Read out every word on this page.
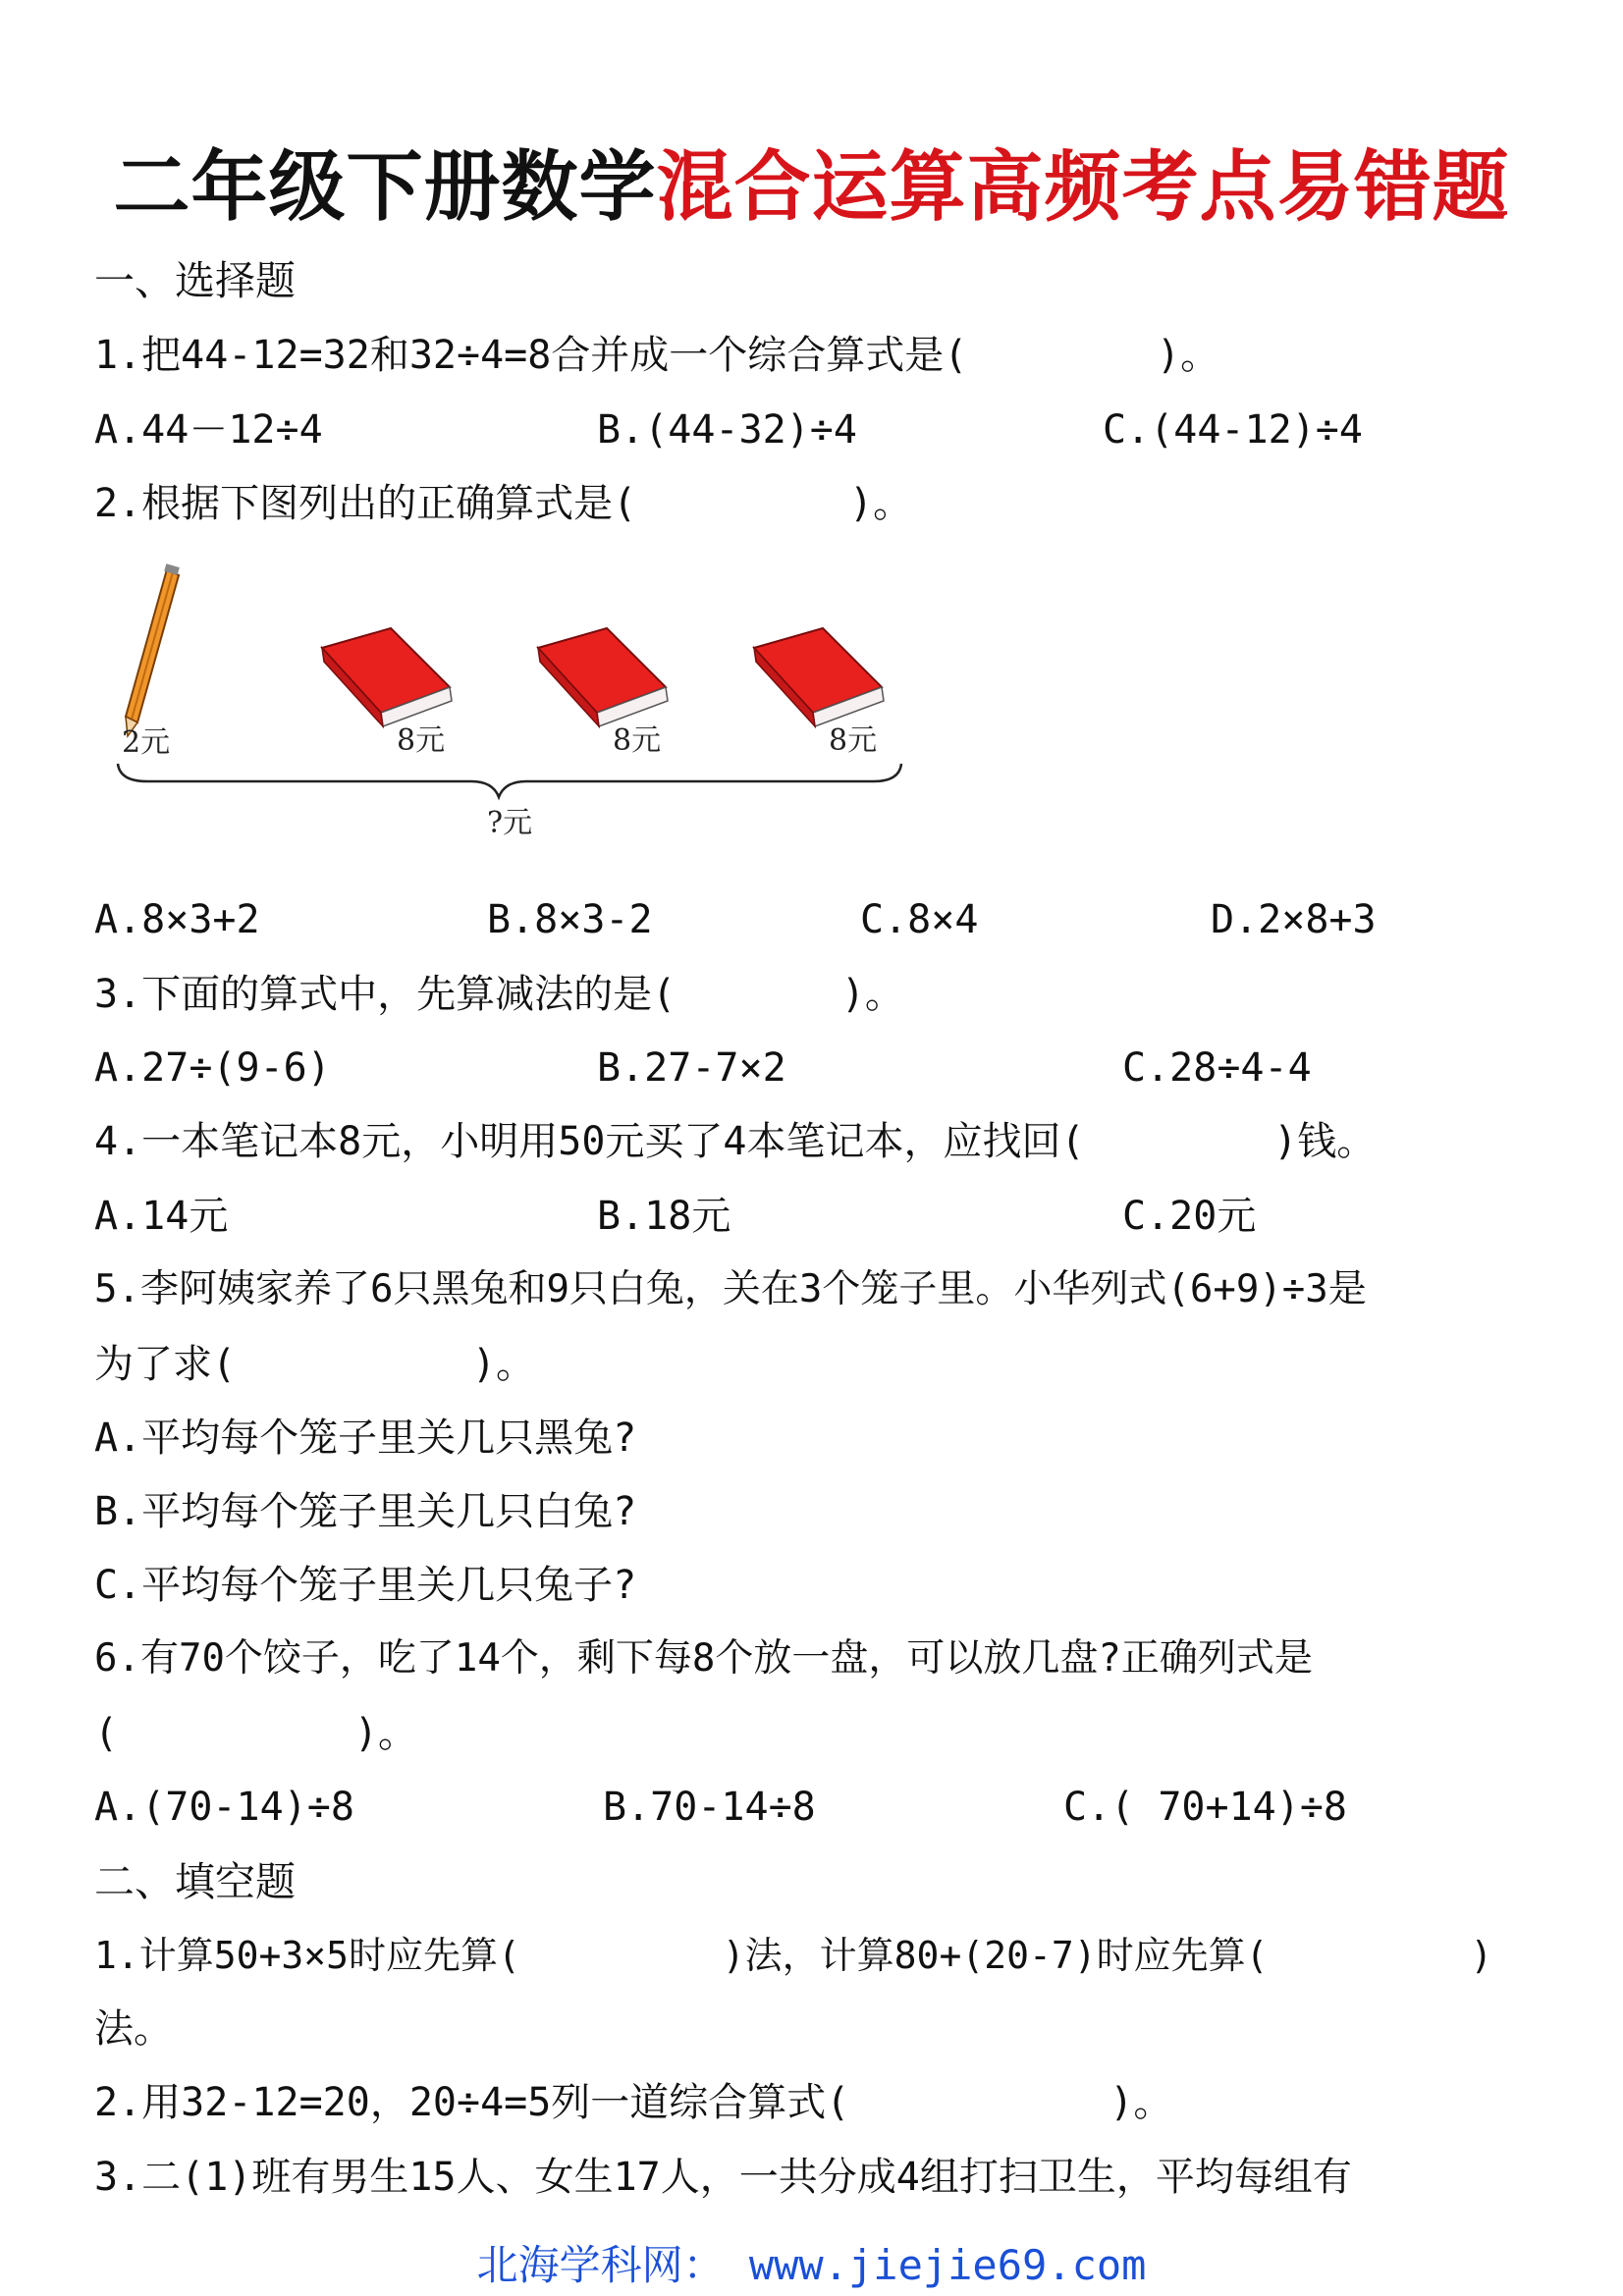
二年级下册数学混合运算高频考点易错题

一、选择题

1.把44-12=32和32÷4=8合并成一个综合算式是(        )。

A.44－12÷4	B.(44-32)÷4	C.(44-12)÷4

2.根据下图列出的正确算式是(         )。

2元	8元	8元	8元
?元

A.8×3+2	B.8×3-2	C.8×4	D.2×8+3

3.下面的算式中，先算减法的是(       )。

A.27÷(9-6)	B.27-7×2	C.28÷4-4

4.一本笔记本8元，小明用50元买了4本笔记本，应找回(        )钱。

A.14元	B.18元	C.20元

5.李阿姨家养了6只黑兔和9只白兔，关在3个笼子里。小华列式(6+9)÷3是

为了求(          )。

A.平均每个笼子里关几只黑兔?

B.平均每个笼子里关几只白兔?

C.平均每个笼子里关几只兔子?

6.有70个饺子，吃了14个，剩下每8个放一盘，可以放几盘?正确列式是

(          )。

A.(70-14)÷8	B.70-14÷8	C.( 70+14)÷8

二、填空题

1.计算50+3×5时应先算(         )法，计算80+(20-7)时应先算(         )

法。

2.用32-12=20，20÷4=5列一道综合算式(           )。

3.二(1)班有男生15人、女生17人，一共分成4组打扫卫生，平均每组有

北海学科网： www.jiejie69.com
